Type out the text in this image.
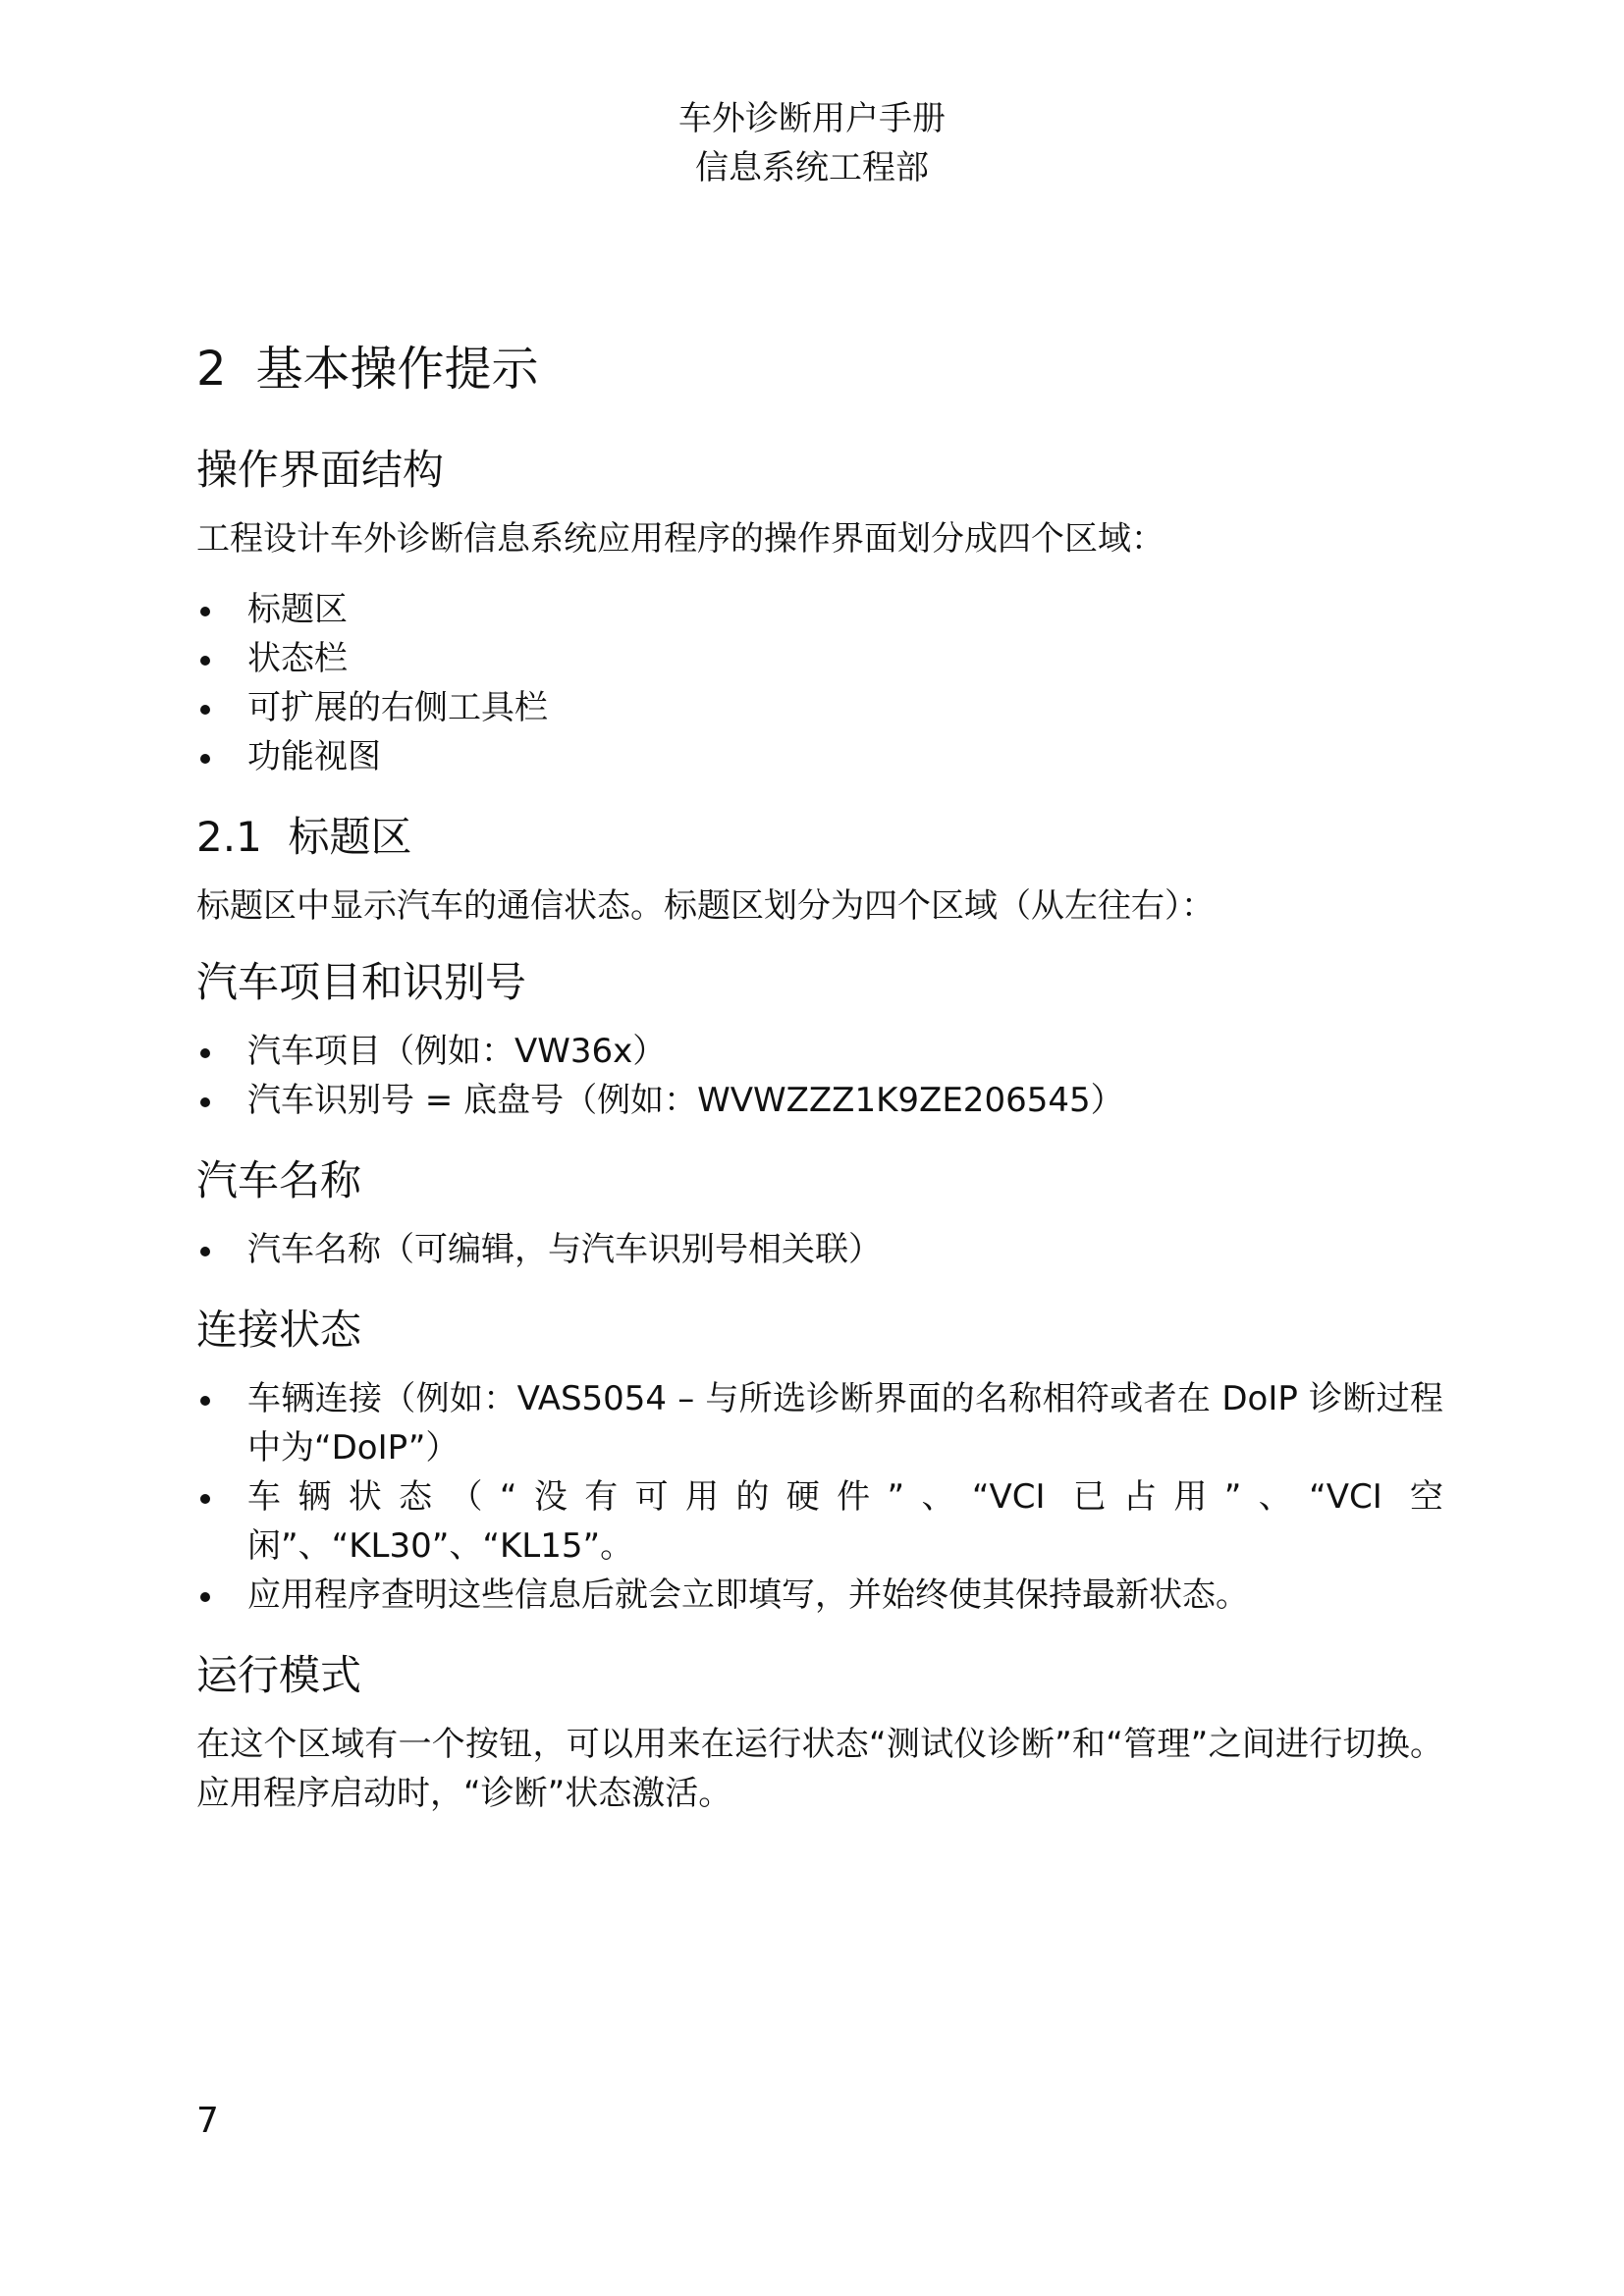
车外诊断用户手册
信息系统工程部
2 基本操作提示
操作界面结构

工程设计车外诊断信息系统应用程序的操作界面划分成四个区域：

标题区
状态栏
可扩展的右侧工具栏
功能视图
2.1  标题区

标题区中显示汽车的通信状态。标题区划分为四个区域（从左往右）：

汽车项目和识别号
汽车项目（例如：VW36x）
汽车识别号 = 底盘号（例如：WVWZZZ1K9ZE206545）
汽车名称
汽车名称（可编辑，与汽车识别号相关联）
连接状态
车辆连接（例如：VAS5054 – 与所选诊断界面的名称相符或者在 DoIP 诊断过程中为“DoIP”）
车辆状态（“没有可用的硬件”、“VCI 已占用”、“VCI 空闲”、“KL30”、“KL15”。
应用程序查明这些信息后就会立即填写，并始终使其保持最新状态。
运行模式

在这个区域有一个按钮，可以用来在运行状态“测试仪诊断”和“管理”之间进行切换。应用程序启动时，“诊断”状态激活。

7
